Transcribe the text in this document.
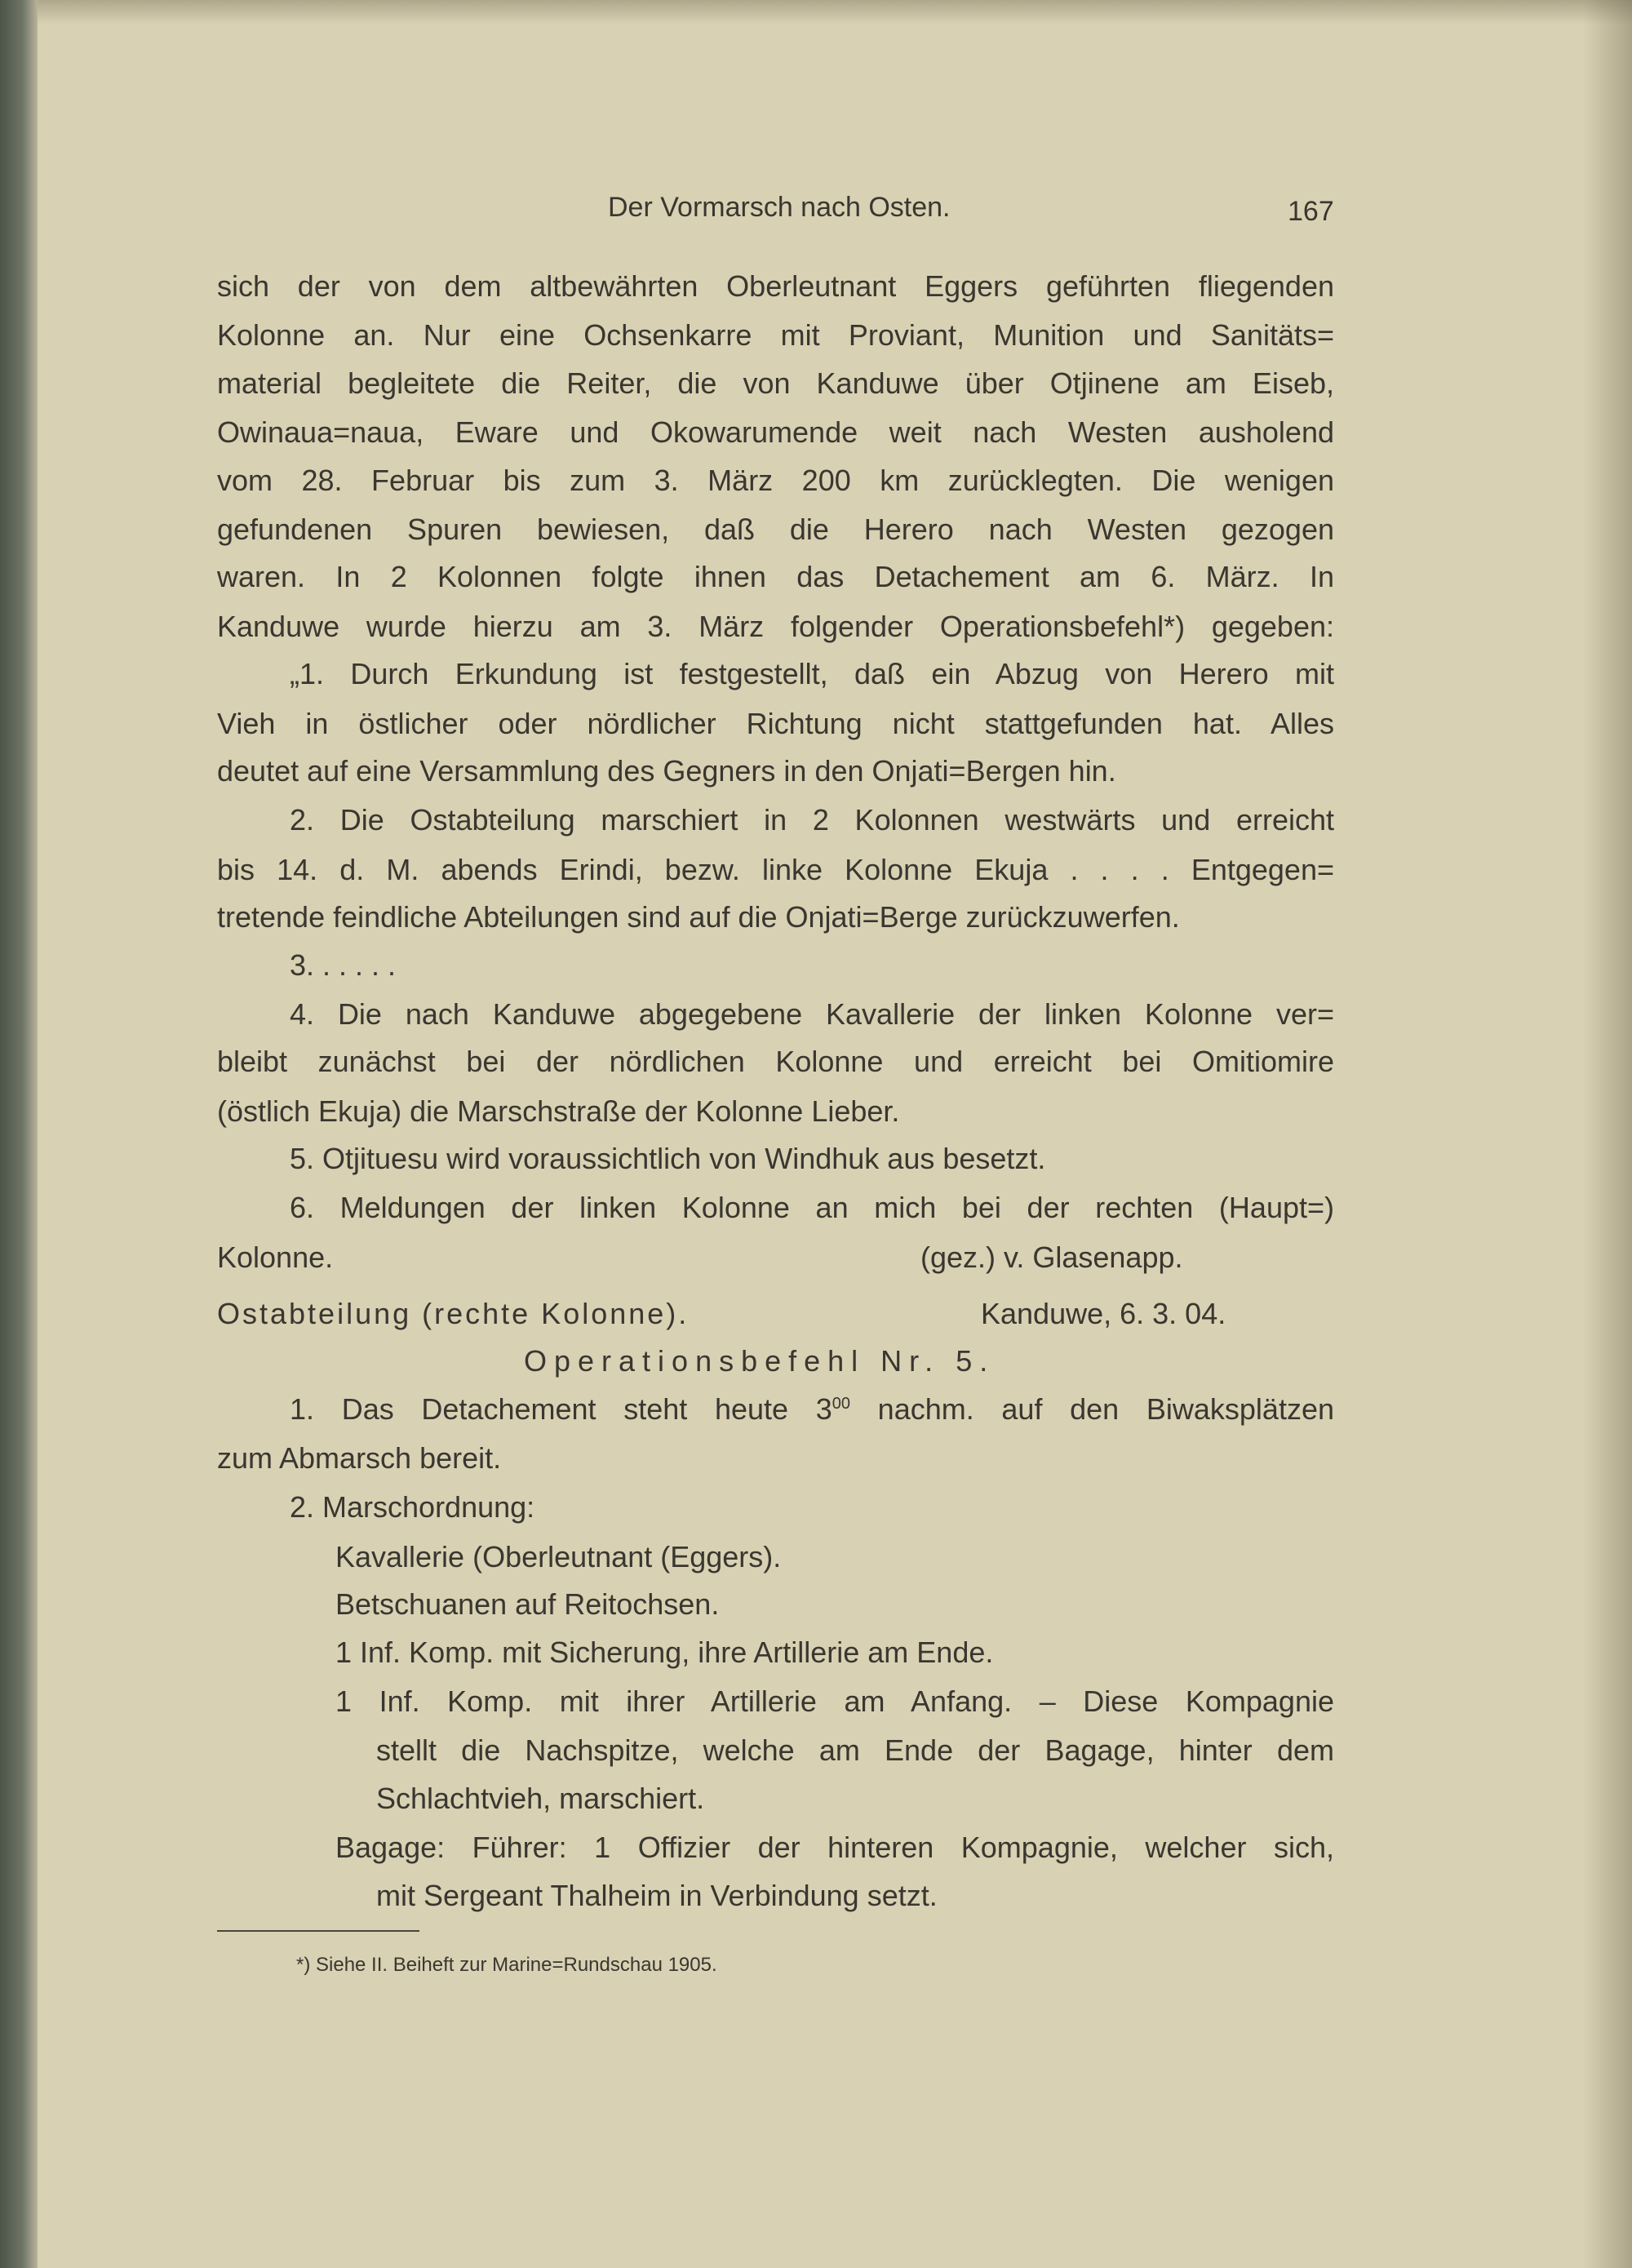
Der Vormarsch nach Osten.	167
sich der von dem altbewährten Oberleutnant Eggers geführten fliegenden
Kolonne an. Nur eine Ochsenkarre mit Proviant, Munition und Sanitäts=
material begleitete die Reiter, die von Kanduwe über Otjinene am Eiseb,
Owinaua=naua, Eware und Okowarumende weit nach Westen ausholend
vom 28. Februar bis zum 3. März 200 km zurücklegten. Die wenigen
gefundenen Spuren bewiesen, daß die Herero nach Westen gezogen
waren. In 2 Kolonnen folgte ihnen das Detachement am 6. März. In
Kanduwe wurde hierzu am 3. März folgender Operationsbefehl*) gegeben:
„1. Durch Erkundung ist festgestellt, daß ein Abzug von Herero mit
Vieh in östlicher oder nördlicher Richtung nicht stattgefunden hat. Alles
deutet auf eine Versammlung des Gegners in den Onjati=Bergen hin.
2. Die Ostabteilung marschiert in 2 Kolonnen westwärts und erreicht
bis 14. d. M. abends Erindi, bezw. linke Kolonne Ekuja . . . . Entgegen=
tretende feindliche Abteilungen sind auf die Onjati=Berge zurückzuwerfen.
3. . . . . .
4. Die nach Kanduwe abgegebene Kavallerie der linken Kolonne ver=
bleibt zunächst bei der nördlichen Kolonne und erreicht bei Omitiomire
(östlich Ekuja) die Marschstraße der Kolonne Lieber.
5. Otjituesu wird voraussichtlich von Windhuk aus besetzt.
6. Meldungen der linken Kolonne an mich bei der rechten (Haupt=)
Kolonne.	(gez.) v. Glasenapp.
Ostabteilung (rechte Kolonne).	Kanduwe, 6. 3. 04.
Operationsbefehl Nr. 5.
1. Das Detachement steht heute $3^{00}$ nachm. auf den Biwaksplätzen
zum Abmarsch bereit.
2. Marschordnung:
Kavallerie (Oberleutnant (Eggers).
Betschuanen auf Reitochsen.
1 Inf. Komp. mit Sicherung, ihre Artillerie am Ende.
1 Inf. Komp. mit ihrer Artillerie am Anfang. – Diese Kompagnie
stellt die Nachspitze, welche am Ende der Bagage, hinter dem
Schlachtvieh, marschiert.
Bagage: Führer: 1 Offizier der hinteren Kompagnie, welcher sich,
mit Sergeant Thalheim in Verbindung setzt.
*) Siehe II. Beiheft zur Marine=Rundschau 1905.
